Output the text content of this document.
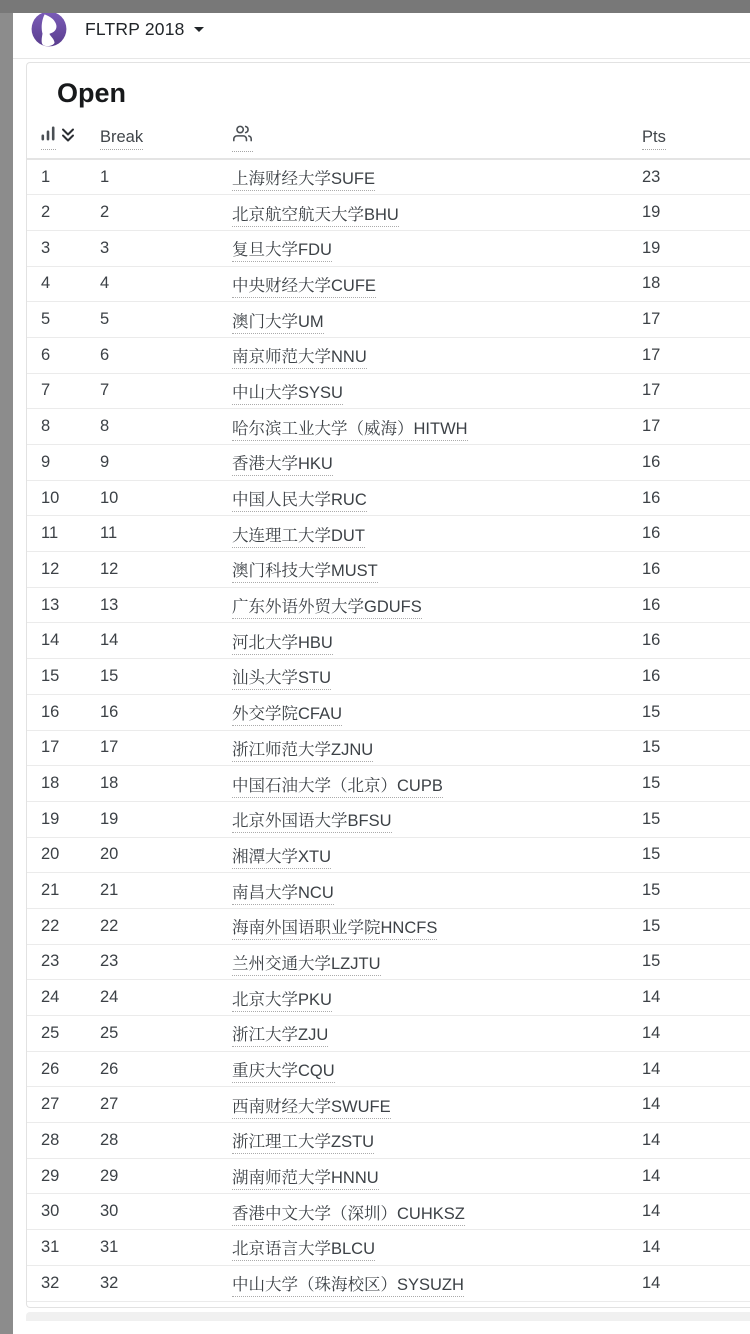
FLTRP 2018
Open
	Break		Pts
1	1	上海财经大学SUFE	23
2	2	北京航空航天大学BHU	19
3	3	复旦大学FDU	19
4	4	中央财经大学CUFE	18
5	5	澳门大学UM	17
6	6	南京师范大学NNU	17
7	7	中山大学SYSU	17
8	8	哈尔滨工业大学（威海）HITWH	17
9	9	香港大学HKU	16
10	10	中国人民大学RUC	16
11	11	大连理工大学DUT	16
12	12	澳门科技大学MUST	16
13	13	广东外语外贸大学GDUFS	16
14	14	河北大学HBU	16
15	15	汕头大学STU	16
16	16	外交学院CFAU	15
17	17	浙江师范大学ZJNU	15
18	18	中国石油大学（北京）CUPB	15
19	19	北京外国语大学BFSU	15
20	20	湘潭大学XTU	15
21	21	南昌大学NCU	15
22	22	海南外国语职业学院HNCFS	15
23	23	兰州交通大学LZJTU	15
24	24	北京大学PKU	14
25	25	浙江大学ZJU	14
26	26	重庆大学CQU	14
27	27	西南财经大学SWUFE	14
28	28	浙江理工大学ZSTU	14
29	29	湖南师范大学HNNU	14
30	30	香港中文大学（深圳）CUHKSZ	14
31	31	北京语言大学BLCU	14
32	32	中山大学（珠海校区）SYSUZH	14
